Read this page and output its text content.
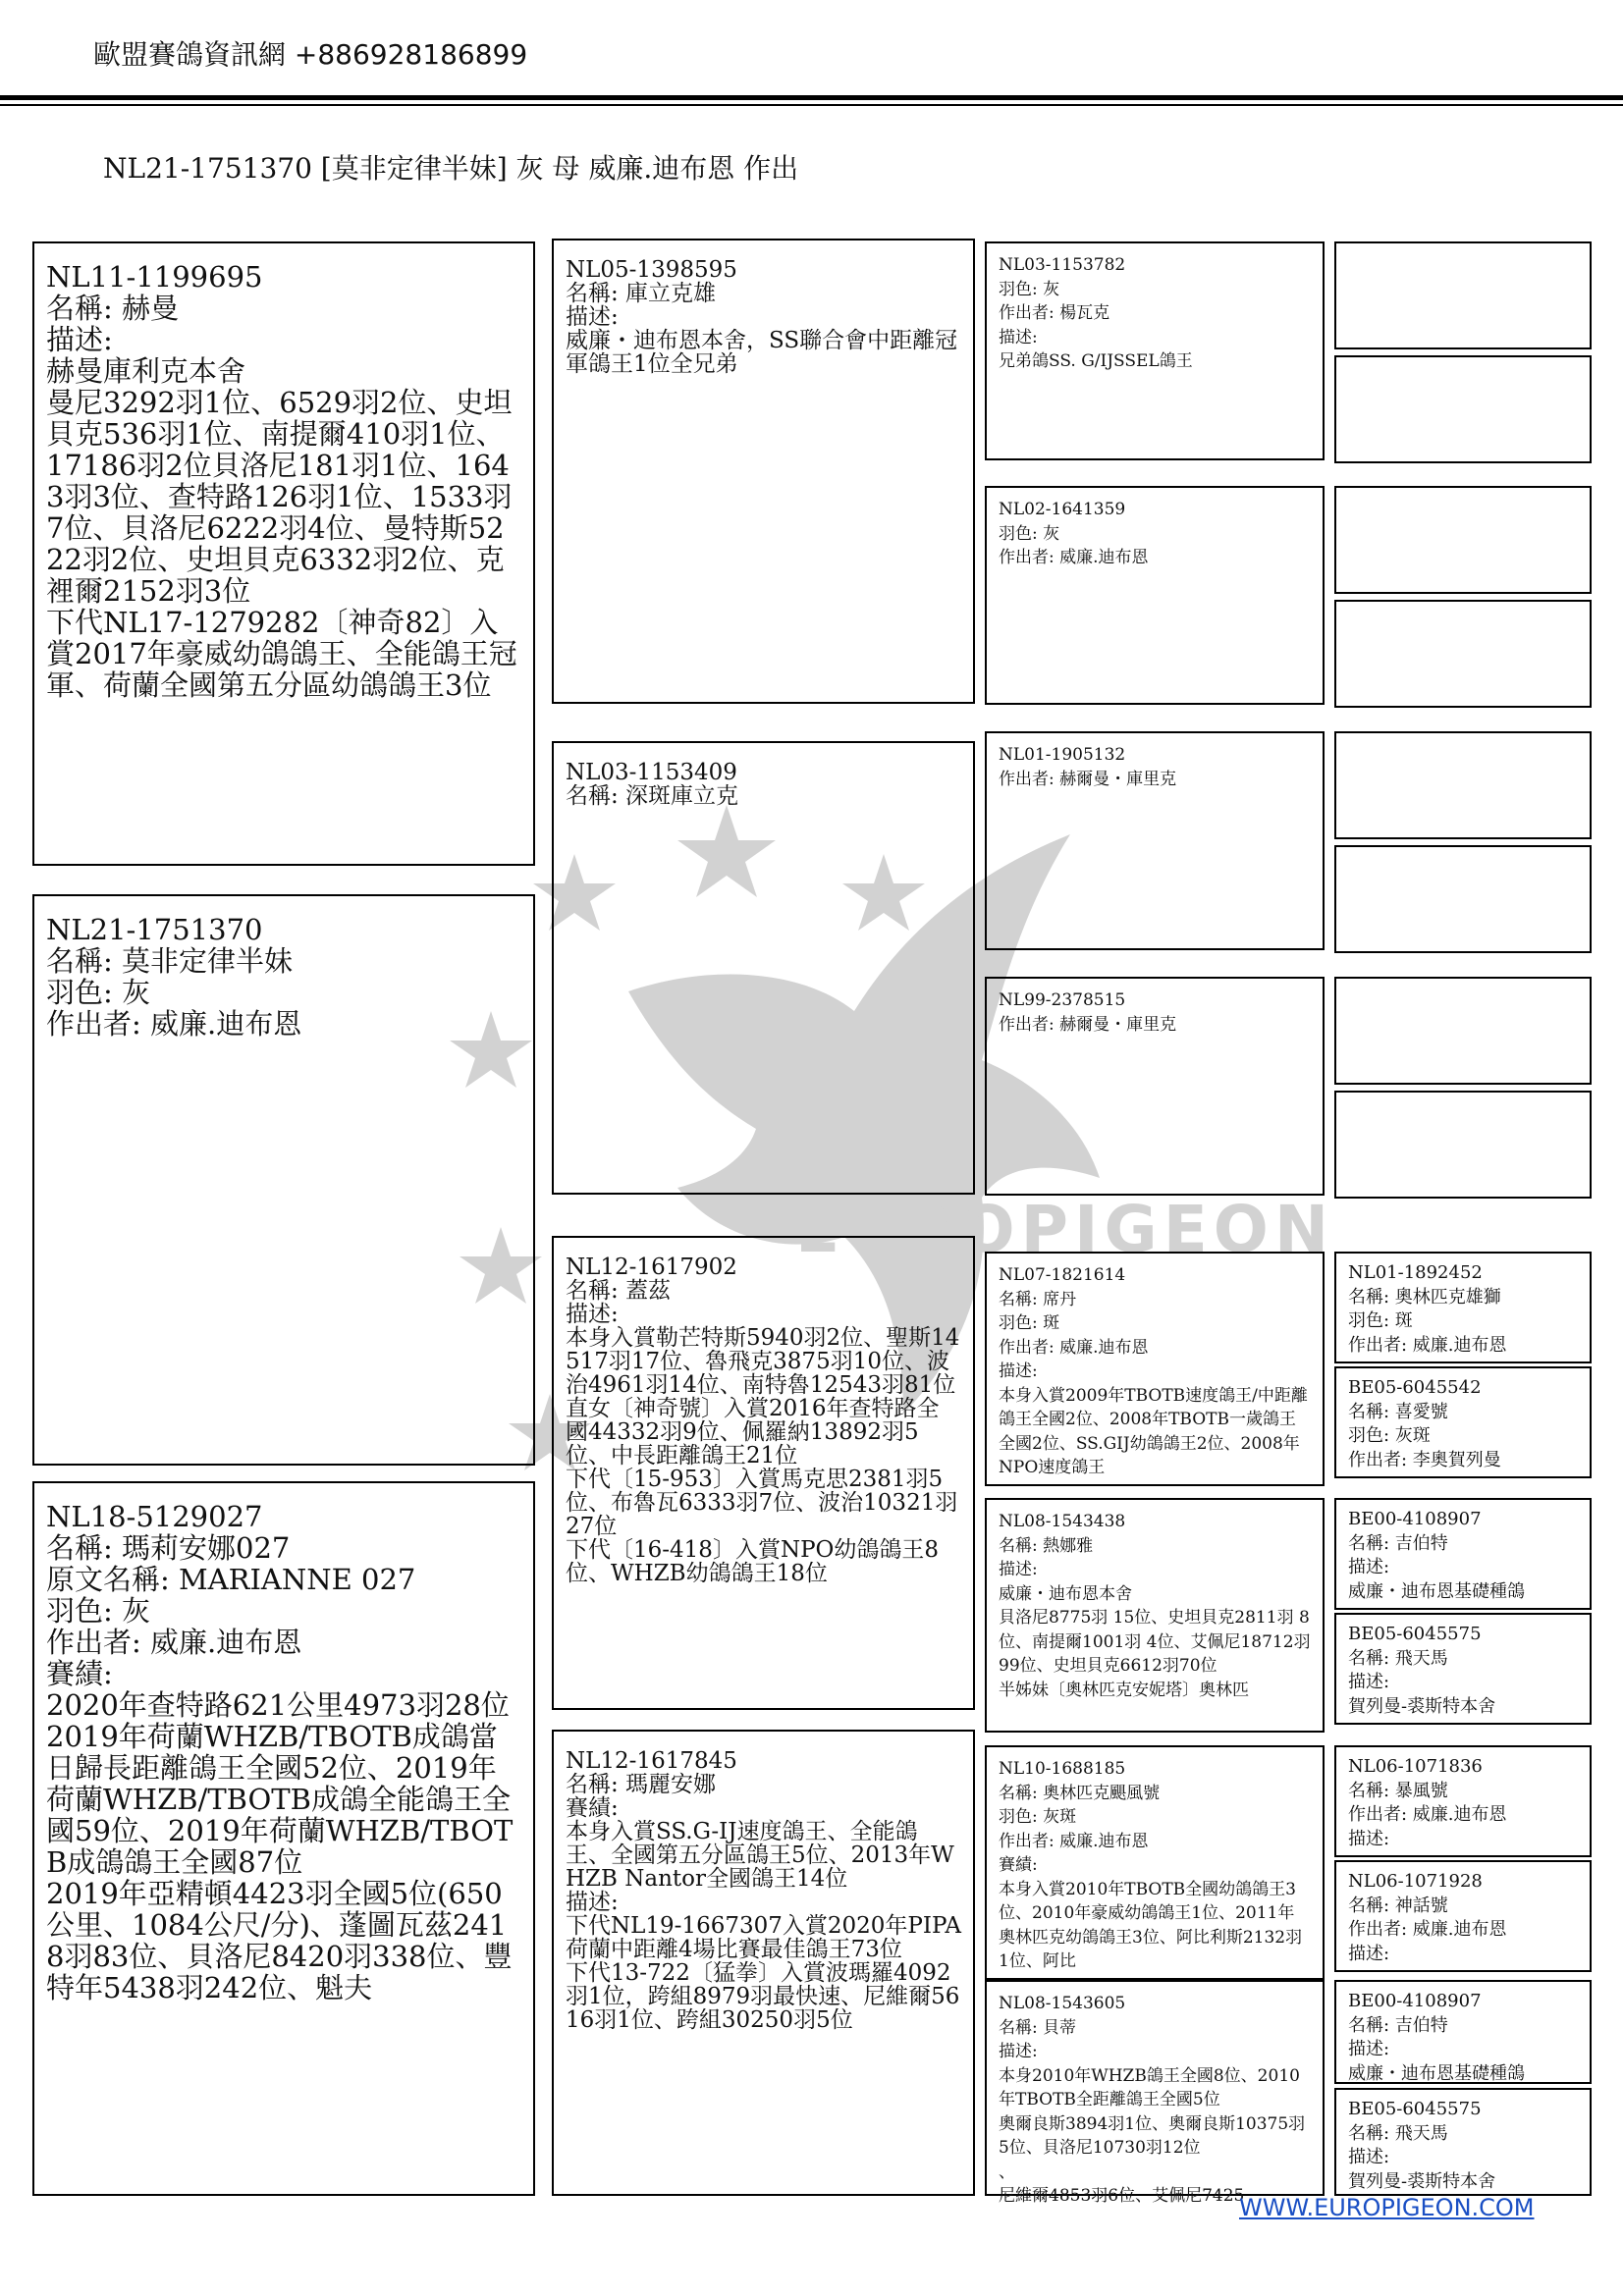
歐盟賽鴿資訊網 +886928186899
NL21-1751370 [莫非定律半妹] 灰 母 威廉.迪布恩 作出
EUROPIGEON
NL11-1199695
名稱: 赫曼
描述:
赫曼庫利克本舍
曼尼3292羽1位、6529羽2位、史坦貝克536羽1位、南提爾410羽1位、17186羽2位貝洛尼181羽1位、1643羽3位、查特路126羽1位、1533羽7位、貝洛尼6222羽4位、曼特斯5222羽2位、史坦貝克6332羽2位、克裡爾2152羽3位
下代NL17-1279282〔神奇82〕入賞2017年豪威幼鴿鴿王、全能鴿王冠軍、荷蘭全國第五分區幼鴿鴿王3位
NL21-1751370
名稱: 莫非定律半妹
羽色: 灰
作出者: 威廉.迪布恩
NL18-5129027
名稱: 瑪莉安娜027
原文名稱: MARIANNE 027
羽色: 灰
作出者: 威廉.迪布恩
賽績:
2020年查特路621公里4973羽28位
2019年荷蘭WHZB/TBOTB成鴿當日歸長距離鴿王全國52位、2019年荷蘭WHZB/TBOTB成鴿全能鴿王全國59位、2019年荷蘭WHZB/TBOTB成鴿鴿王全國87位
2019年亞精頓4423羽全國5位(650公里、1084公尺/分)、蓬圖瓦茲2418羽83位、貝洛尼8420羽338位、豐特年5438羽242位、魁夫
NL05-1398595
名稱: 庫立克雄
描述:
威廉・迪布恩本舍，SS聯合會中距離冠軍鴿王1位全兄弟
NL03-1153409
名稱: 深斑庫立克
NL12-1617902
名稱: 蓋茲
描述:
本身入賞勒芒特斯5940羽2位、聖斯14517羽17位、魯飛克3875羽10位、波治4961羽14位、南特魯12543羽81位
直女〔神奇號〕入賞2016年查特路全國44332羽9位、佩羅納13892羽5位、中長距離鴿王21位
下代〔15-953〕入賞馬克思2381羽5位、布魯瓦6333羽7位、波治10321羽27位
下代〔16-418〕入賞NPO幼鴿鴿王8位、WHZB幼鴿鴿王18位
NL12-1617845
名稱: 瑪麗安娜
賽績:
本身入賞SS.G-IJ速度鴿王、全能鴿王、全國第五分區鴿王5位、2013年WHZB Nantor全國鴿王14位
描述:
下代NL19-1667307入賞2020年PIPA荷蘭中距離4場比賽最佳鴿王73位
下代13-722〔猛拳〕入賞波瑪羅4092羽1位，跨組8979羽最快速、尼維爾5616羽1位、跨組30250羽5位
NL03-1153782
羽色: 灰
作出者: 楊瓦克
描述:
兄弟鴿SS. G/IJSSEL鴿王
NL02-1641359
羽色: 灰
作出者: 威廉.迪布恩
NL01-1905132
作出者: 赫爾曼・庫里克
NL99-2378515
作出者: 赫爾曼・庫里克
NL07-1821614
名稱: 席丹
羽色: 斑
作出者: 威廉.迪布恩
描述:
本身入賞2009年TBOTB速度鴿王/中距離鴿王全國2位、2008年TBOTB一歲鴿王全國2位、SS.GIJ幼鴿鴿王2位、2008年NPO速度鴿王
NL08-1543438
名稱: 熱娜雅
描述:
威廉・迪布恩本舍
貝洛尼8775羽 15位、史坦貝克2811羽 8位、南提爾1001羽 4位、艾佩尼18712羽99位、史坦貝克6612羽70位
半姊妹〔奧林匹克安妮塔〕奧林匹
NL10-1688185
名稱: 奧林匹克颶風號
羽色: 灰斑
作出者: 威廉.迪布恩
賽績:
本身入賞2010年TBOTB全國幼鴿鴿王3位、2010年豪威幼鴿鴿王1位、2011年奧林匹克幼鴿鴿王3位、阿比利斯2132羽1位、阿比
NL08-1543605
名稱: 貝蒂
描述:
本身2010年WHZB鴿王全國8位、2010年TBOTB全距離鴿王全國5位
奧爾良斯3894羽1位、奧爾良斯10375羽5位、貝洛尼10730羽12位
、
尼維爾4853羽6位、艾佩尼7425
NL01-1892452
名稱: 奧林匹克雄獅
羽色: 斑
作出者: 威廉.迪布恩
BE05-6045542
名稱: 喜愛號
羽色: 灰斑
作出者: 李奧賀列曼
BE00-4108907
名稱: 吉伯特
描述:
威廉・迪布恩基礎種鴿
BE05-6045575
名稱: 飛天馬
描述:
賀列曼-裘斯特本舍
NL06-1071836
名稱: 暴風號
作出者: 威廉.迪布恩
描述:
NL06-1071928
名稱: 神話號
作出者: 威廉.迪布恩
描述:
BE00-4108907
名稱: 吉伯特
描述:
威廉・迪布恩基礎種鴿
BE05-6045575
名稱: 飛天馬
描述:
賀列曼-裘斯特本舍
WWW.EUROPIGEON.COM
